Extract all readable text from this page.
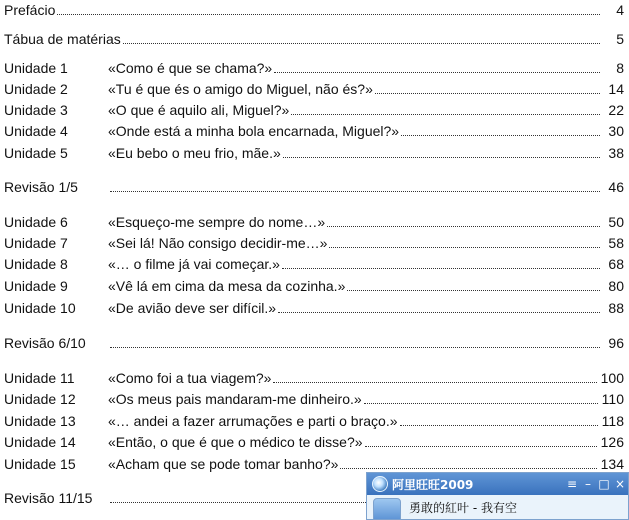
Prefácio	4
Tábua de matérias	5
Unidade 1	«Como é que se chama?»	8
Unidade 2	«Tu é que és o amigo do Miguel, não és?»	14
Unidade 3	«O que é aquilo ali, Miguel?»	22
Unidade 4	«Onde está a minha bola encarnada, Miguel?»	30
Unidade 5	«Eu bebo o meu frio, mãe.»	38
Revisão 1/5	46
Unidade 6	«Esqueço-me sempre do nome…»	50
Unidade 7	«Sei lá! Não consigo decidir-me…»	58
Unidade 8	«… o filme já vai começar.»	68
Unidade 9	«Vê lá em cima da mesa da cozinha.»	80
Unidade 10	«De avião deve ser difícil.»	88
Revisão 6/10	96
Unidade 11	«Como foi a tua viagem?»	100
Unidade 12	«Os meus pais mandaram-me dinheiro.»	110
Unidade 13	«… andei a fazer arrumações e parti o braço.»	118
Unidade 14	«Então, o que é que o médico te disse?»	126
Unidade 15	«Acham que se pode tomar banho?»	134
Revisão 11/15
阿里旺旺2009	≡ – □ ×
勇敢的紅叶 - 我有空
